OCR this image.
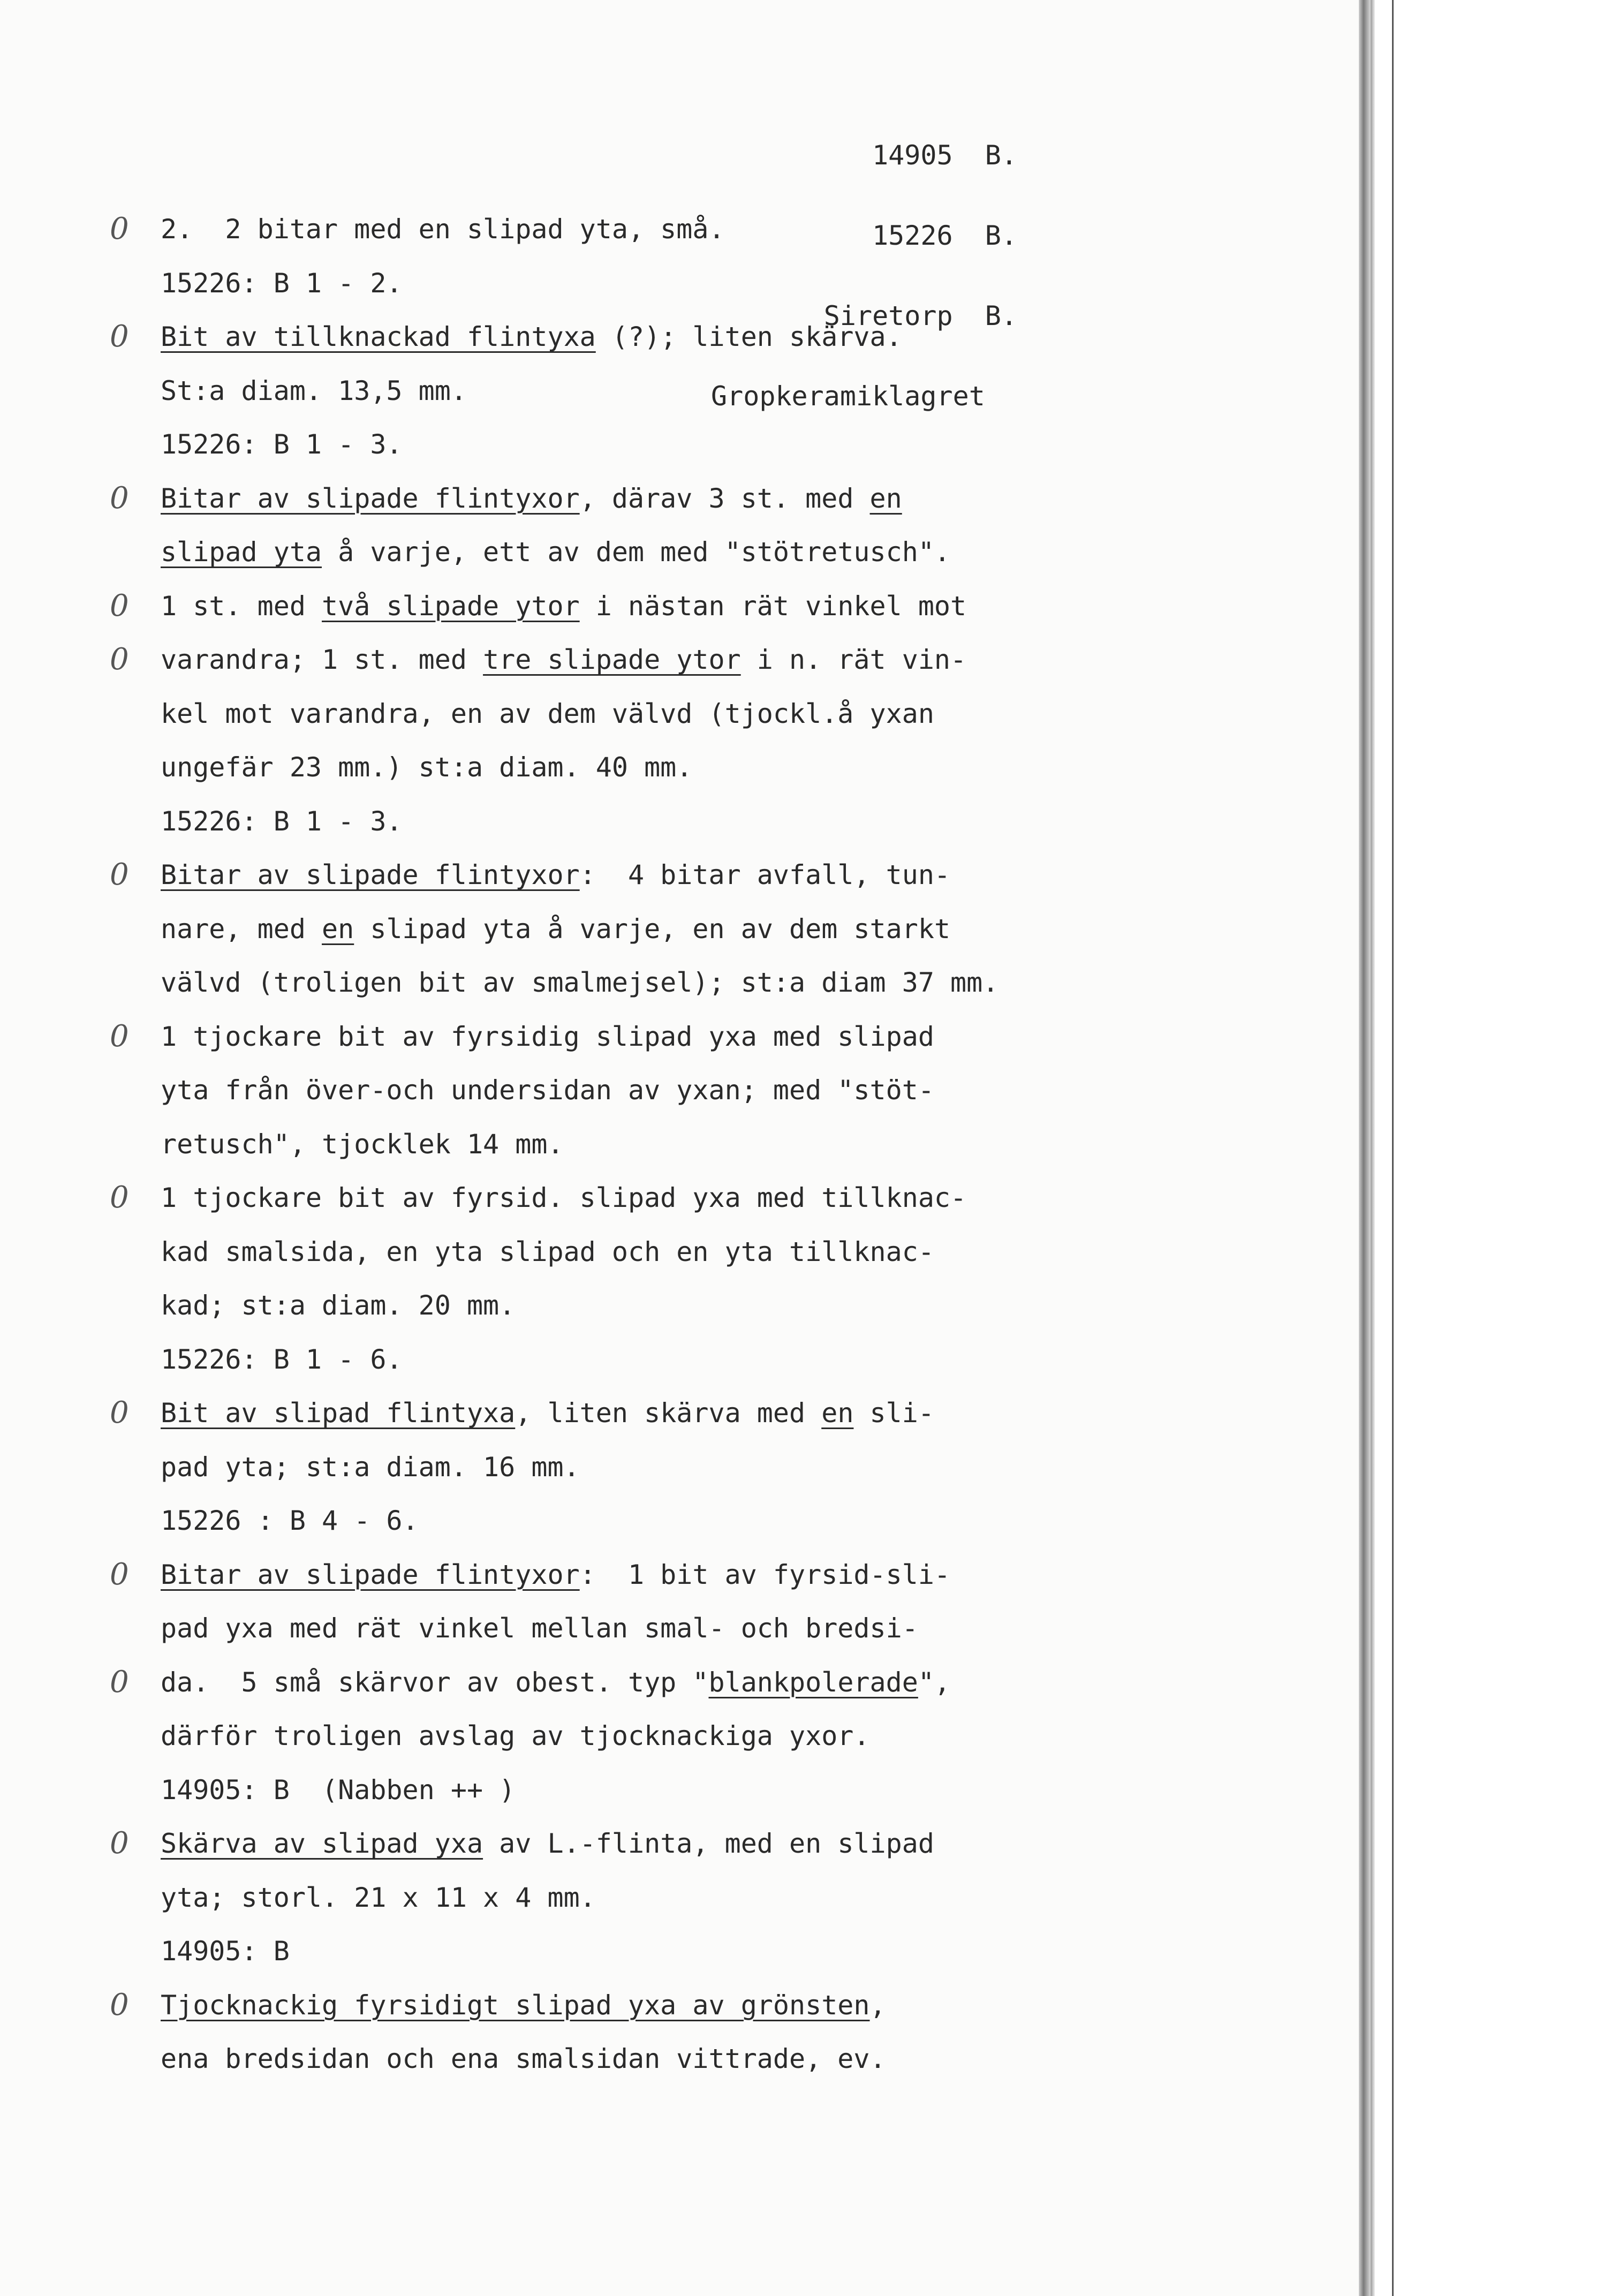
14905  B.

15226  B.

Siretorp  B.

Gropkeramiklagret

0 2.  2 bitar med en slipad yta, små.
15226: B 1 - 2.
0 Bit av tillknackad flintyxa (?); liten skärva.
St:a diam. 13,5 mm.
15226: B 1 - 3.
0 Bitar av slipade flintyxor, därav 3 st. med en
slipad yta å varje, ett av dem med "stötretusch".
0 1 st. med två slipade ytor i nästan rät vinkel mot
0 varandra; 1 st. med tre slipade ytor i n. rät vin-
kel mot varandra, en av dem välvd (tjockl.å yxan
ungefär 23 mm.) st:a diam. 40 mm.
15226: B 1 - 3.
0 Bitar av slipade flintyxor:  4 bitar avfall, tun-
nare, med en slipad yta å varje, en av dem starkt
välvd (troligen bit av smalmejsel); st:a diam 37 mm.
0 1 tjockare bit av fyrsidig slipad yxa med slipad
yta från över-och undersidan av yxan; med "stöt-
retusch", tjocklek 14 mm.
0 1 tjockare bit av fyrsid. slipad yxa med tillknac-
kad smalsida, en yta slipad och en yta tillknac-
kad; st:a diam. 20 mm.
15226: B 1 - 6.
0 Bit av slipad flintyxa, liten skärva med en sli-
pad yta; st:a diam. 16 mm.
15226 : B 4 - 6.
0 Bitar av slipade flintyxor:  1 bit av fyrsid-sli-
pad yxa med rät vinkel mellan smal- och bredsi-
0 da.  5 små skärvor av obest. typ "blankpolerade",
därför troligen avslag av tjocknackiga yxor.
14905: B  (Nabben ++ )
0 Skärva av slipad yxa av L.-flinta, med en slipad
yta; storl. 21 x 11 x 4 mm.
14905: B
0 Tjocknackig fyrsidigt slipad yxa av grönsten,
ena bredsidan och ena smalsidan vittrade, ev.
